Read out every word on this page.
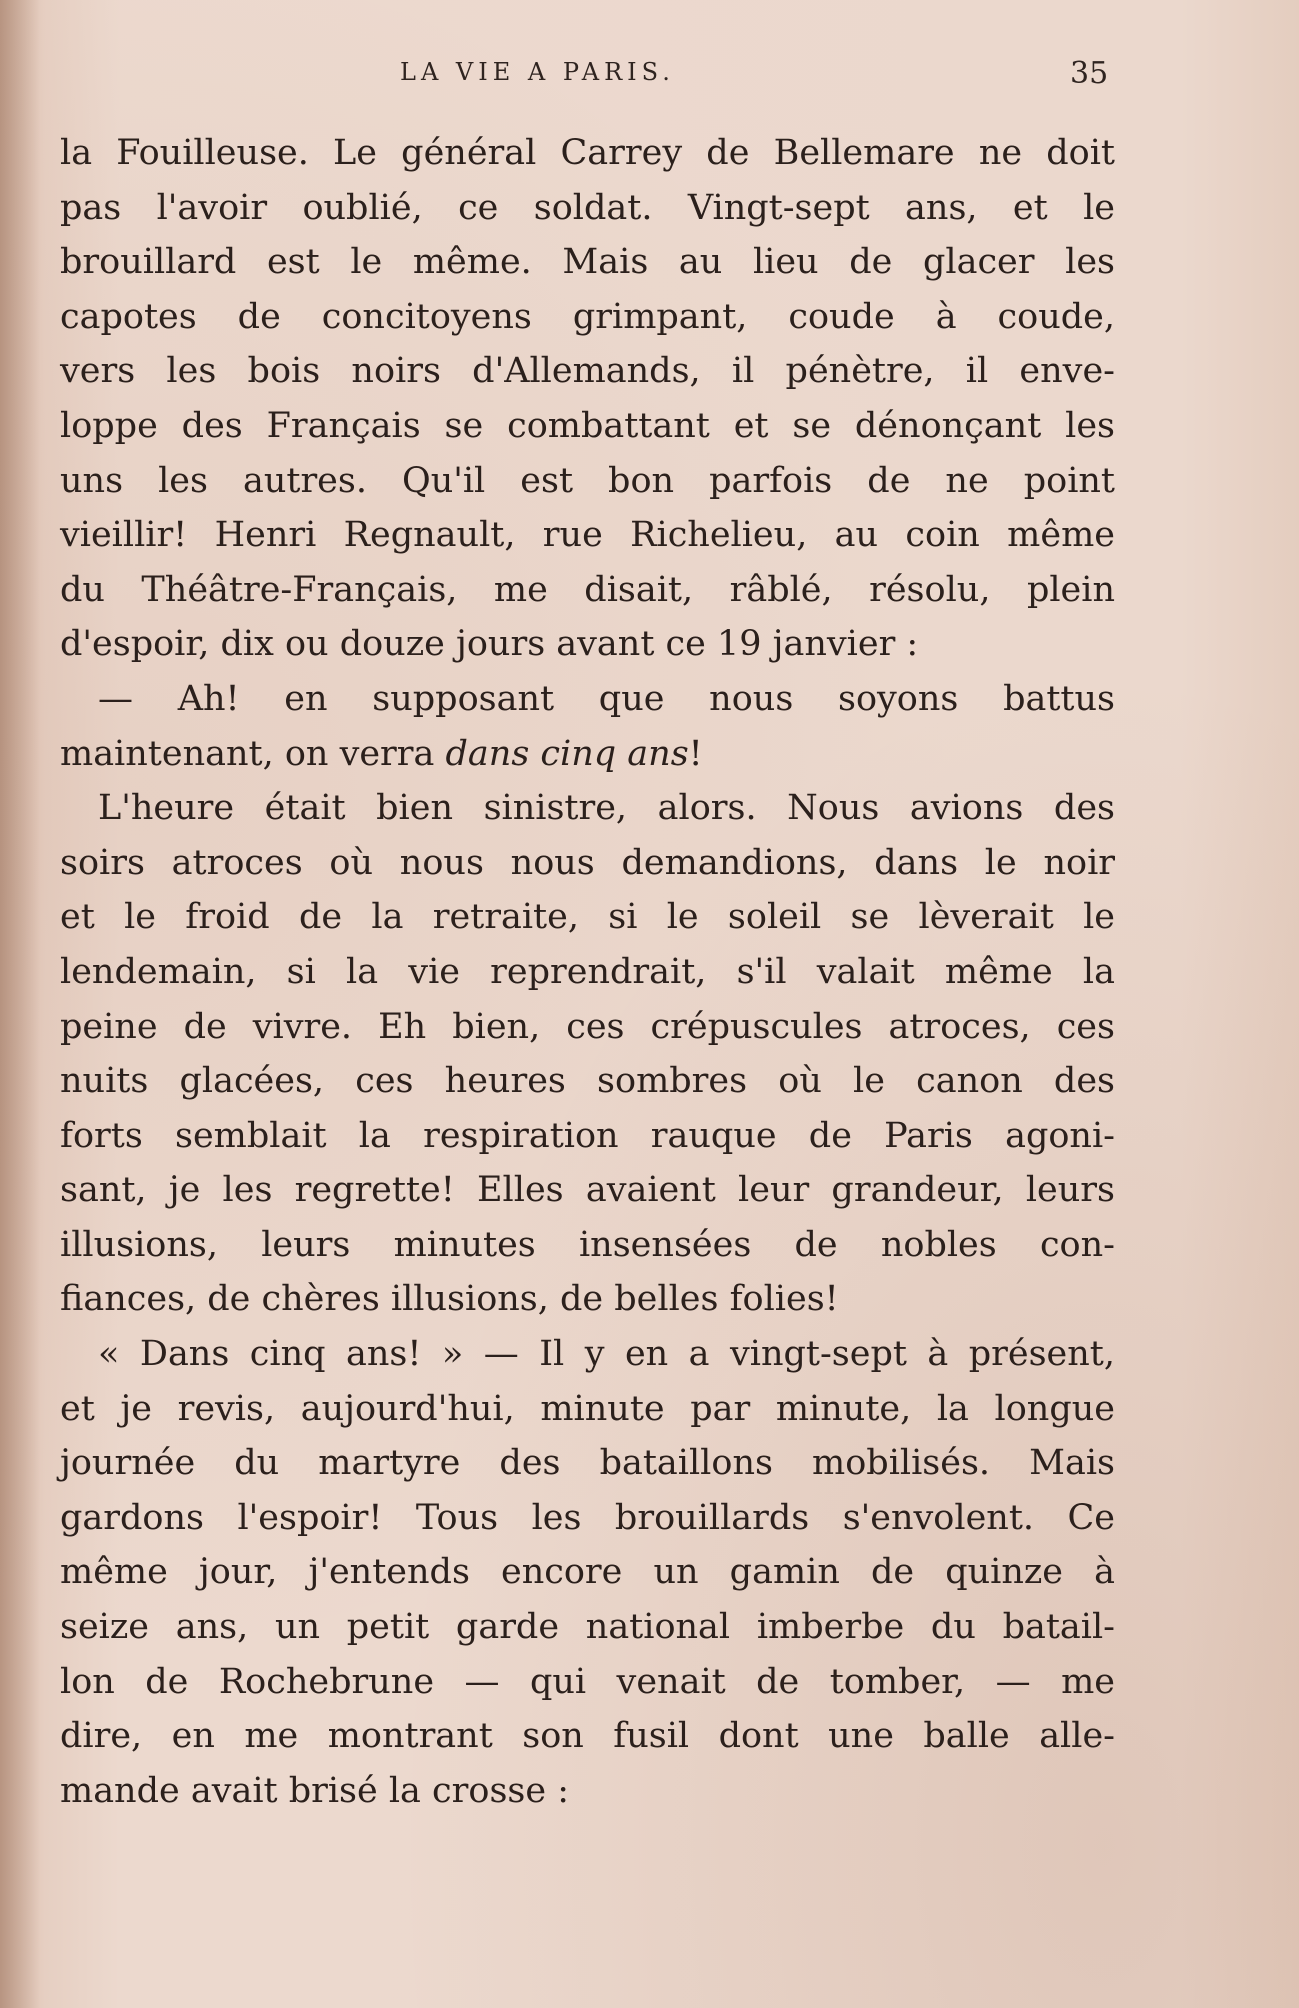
LA VIE A PARIS.	35
la Fouilleuse. Le général Carrey de Bellemare ne doit
pas l'avoir oublié, ce soldat. Vingt-sept ans, et le
brouillard est le même. Mais au lieu de glacer les
capotes de concitoyens grimpant, coude à coude,
vers les bois noirs d'Allemands, il pénètre, il enve-
loppe des Français se combattant et se dénonçant les
uns les autres. Qu'il est bon parfois de ne point
vieillir! Henri Regnault, rue Richelieu, au coin même
du Théâtre-Français, me disait, râblé, résolu, plein
d'espoir, dix ou douze jours avant ce 19 janvier :
— Ah! en supposant que nous soyons battus
maintenant, on verra dans cinq ans!
L'heure était bien sinistre, alors. Nous avions des
soirs atroces où nous nous demandions, dans le noir
et le froid de la retraite, si le soleil se lèverait le
lendemain, si la vie reprendrait, s'il valait même la
peine de vivre. Eh bien, ces crépuscules atroces, ces
nuits glacées, ces heures sombres où le canon des
forts semblait la respiration rauque de Paris agoni-
sant, je les regrette! Elles avaient leur grandeur, leurs
illusions, leurs minutes insensées de nobles con-
fiances, de chères illusions, de belles folies!
« Dans cinq ans! » — Il y en a vingt-sept à présent,
et je revis, aujourd'hui, minute par minute, la longue
journée du martyre des bataillons mobilisés. Mais
gardons l'espoir! Tous les brouillards s'envolent. Ce
même jour, j'entends encore un gamin de quinze à
seize ans, un petit garde national imberbe du batail-
lon de Rochebrune — qui venait de tomber, — me
dire, en me montrant son fusil dont une balle alle-
mande avait brisé la crosse :
